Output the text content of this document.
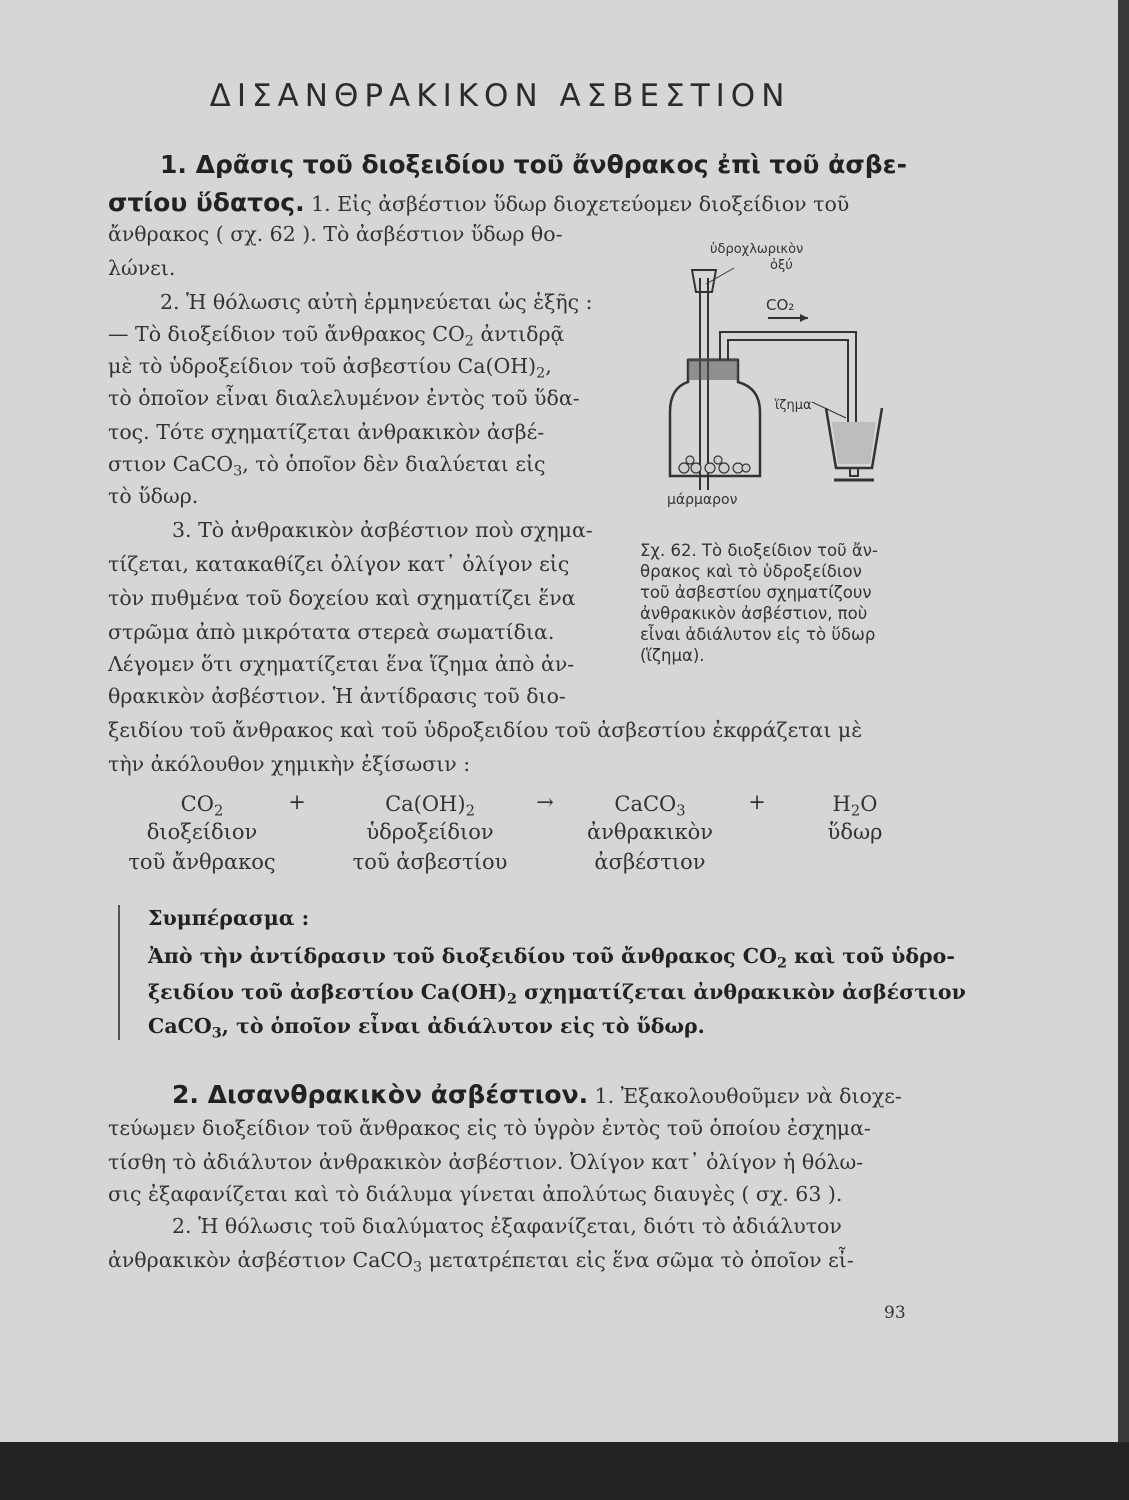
ΔΙΣΑΝΘΡΑΚΙΚΟΝ ΑΣΒΕΣΤΙΟΝ
1. Δρᾶσις τοῦ διοξειδίου τοῦ ἄνθρακος ἐπὶ τοῦ ἀσβε-
στίου ὕδατος. 1. Εἰς ἀσβέστιον ὕδωρ διοχετεύομεν διοξείδιον τοῦ
ἄνθρακος ( σχ. 62 ). Τὸ ἀσβέστιον ὕδωρ θο-
λώνει.
2. Ἡ θόλωσις αὐτὴ ἑρμηνεύεται ὡς ἑξῆς :
— Τὸ διοξείδιον τοῦ ἄνθρακος $CO_2$ ἀντιδρᾷ
μὲ τὸ ὑδροξείδιον τοῦ ἀσβεστίου $Ca(OH)_2$,
τὸ ὁποῖον εἶναι διαλελυμένον ἐντὸς τοῦ ὕδα-
τος. Τότε σχηματίζεται ἀνθρακικὸν ἀσβέ-
στιον CaCO$_3$, τὸ ὁποῖον δὲν διαλύεται εἰς
τὸ ὕδωρ.
3. Τὸ ἀνθρακικὸν ἀσβέστιον ποὺ σχημα-
τίζεται, κατακαθίζει ὀλίγον κατ᾽ ὀλίγον εἰς
τὸν πυθμένα τοῦ δοχείου καὶ σχηματίζει ἕνα
στρῶμα ἀπὸ μικρότατα στερεὰ σωματίδια.
Λέγομεν ὅτι σχηματίζεται ἕνα ἵζημα ἀπὸ ἀν-
θρακικὸν ἀσβέστιον. Ἡ ἀντίδρασις τοῦ διο-
ξειδίου τοῦ ἄνθρακος καὶ τοῦ ὑδροξειδίου τοῦ ἀσβεστίου ἐκφράζεται μὲ
τὴν ἀκόλουθον χημικὴν ἐξίσωσιν :
ὑδροχλωρικὸν
ὀξύ
CO₂
ἵζημα
μάρμαρον
Σχ. 62. Τὸ διοξείδιον τοῦ ἄν-
θρακος καὶ τὸ ὑδροξείδιον
τοῦ ἀσβεστίου σχηματίζουν
ἀνθρακικὸν ἀσβέστιον, ποὺ
εἶναι ἀδιάλυτον εἰς τὸ ὕδωρ
(ἵζημα).
$CO_2$
διοξείδιον
τοῦ ἄνθρακος
+	$Ca(OH)_2$
ὑδροξείδιον
τοῦ ἀσβεστίου
→	CaCO$_3$
ἀνθρακικὸν
ἀσβέστιον
+	$H_2O$
ὕδωρ
Συμπέρασμα :
Ἀπὸ τὴν ἀντίδρασιν τοῦ διοξειδίου τοῦ ἄνθρακος $CO_2$ καὶ τοῦ ὑδρο-
ξειδίου τοῦ ἀσβεστίου $Ca(OH)_2$ σχηματίζεται ἀνθρακικὸν ἀσβέστιον
CaCO$_3$, τὸ ὁποῖον εἶναι ἀδιάλυτον εἰς τὸ ὕδωρ.
2. Δισανθρακικὸν ἀσβέστιον. 1. Ἐξακολουθοῦμεν νὰ διοχε-
τεύωμεν διοξείδιον τοῦ ἄνθρακος εἰς τὸ ὑγρὸν ἐντὸς τοῦ ὁποίου ἐσχημα-
τίσθη τὸ ἀδιάλυτον ἀνθρακικὸν ἀσβέστιον. Ὀλίγον κατ᾽ ὀλίγον ἡ θόλω-
σις ἐξαφανίζεται καὶ τὸ διάλυμα γίνεται ἀπολύτως διαυγὲς ( σχ. 63 ).
2. Ἡ θόλωσις τοῦ διαλύματος ἐξαφανίζεται, διότι τὸ ἀδιάλυτον
ἀνθρακικὸν ἀσβέστιον CaCO$_3$ μετατρέπεται εἰς ἕνα σῶμα τὸ ὁποῖον εἶ-
93
